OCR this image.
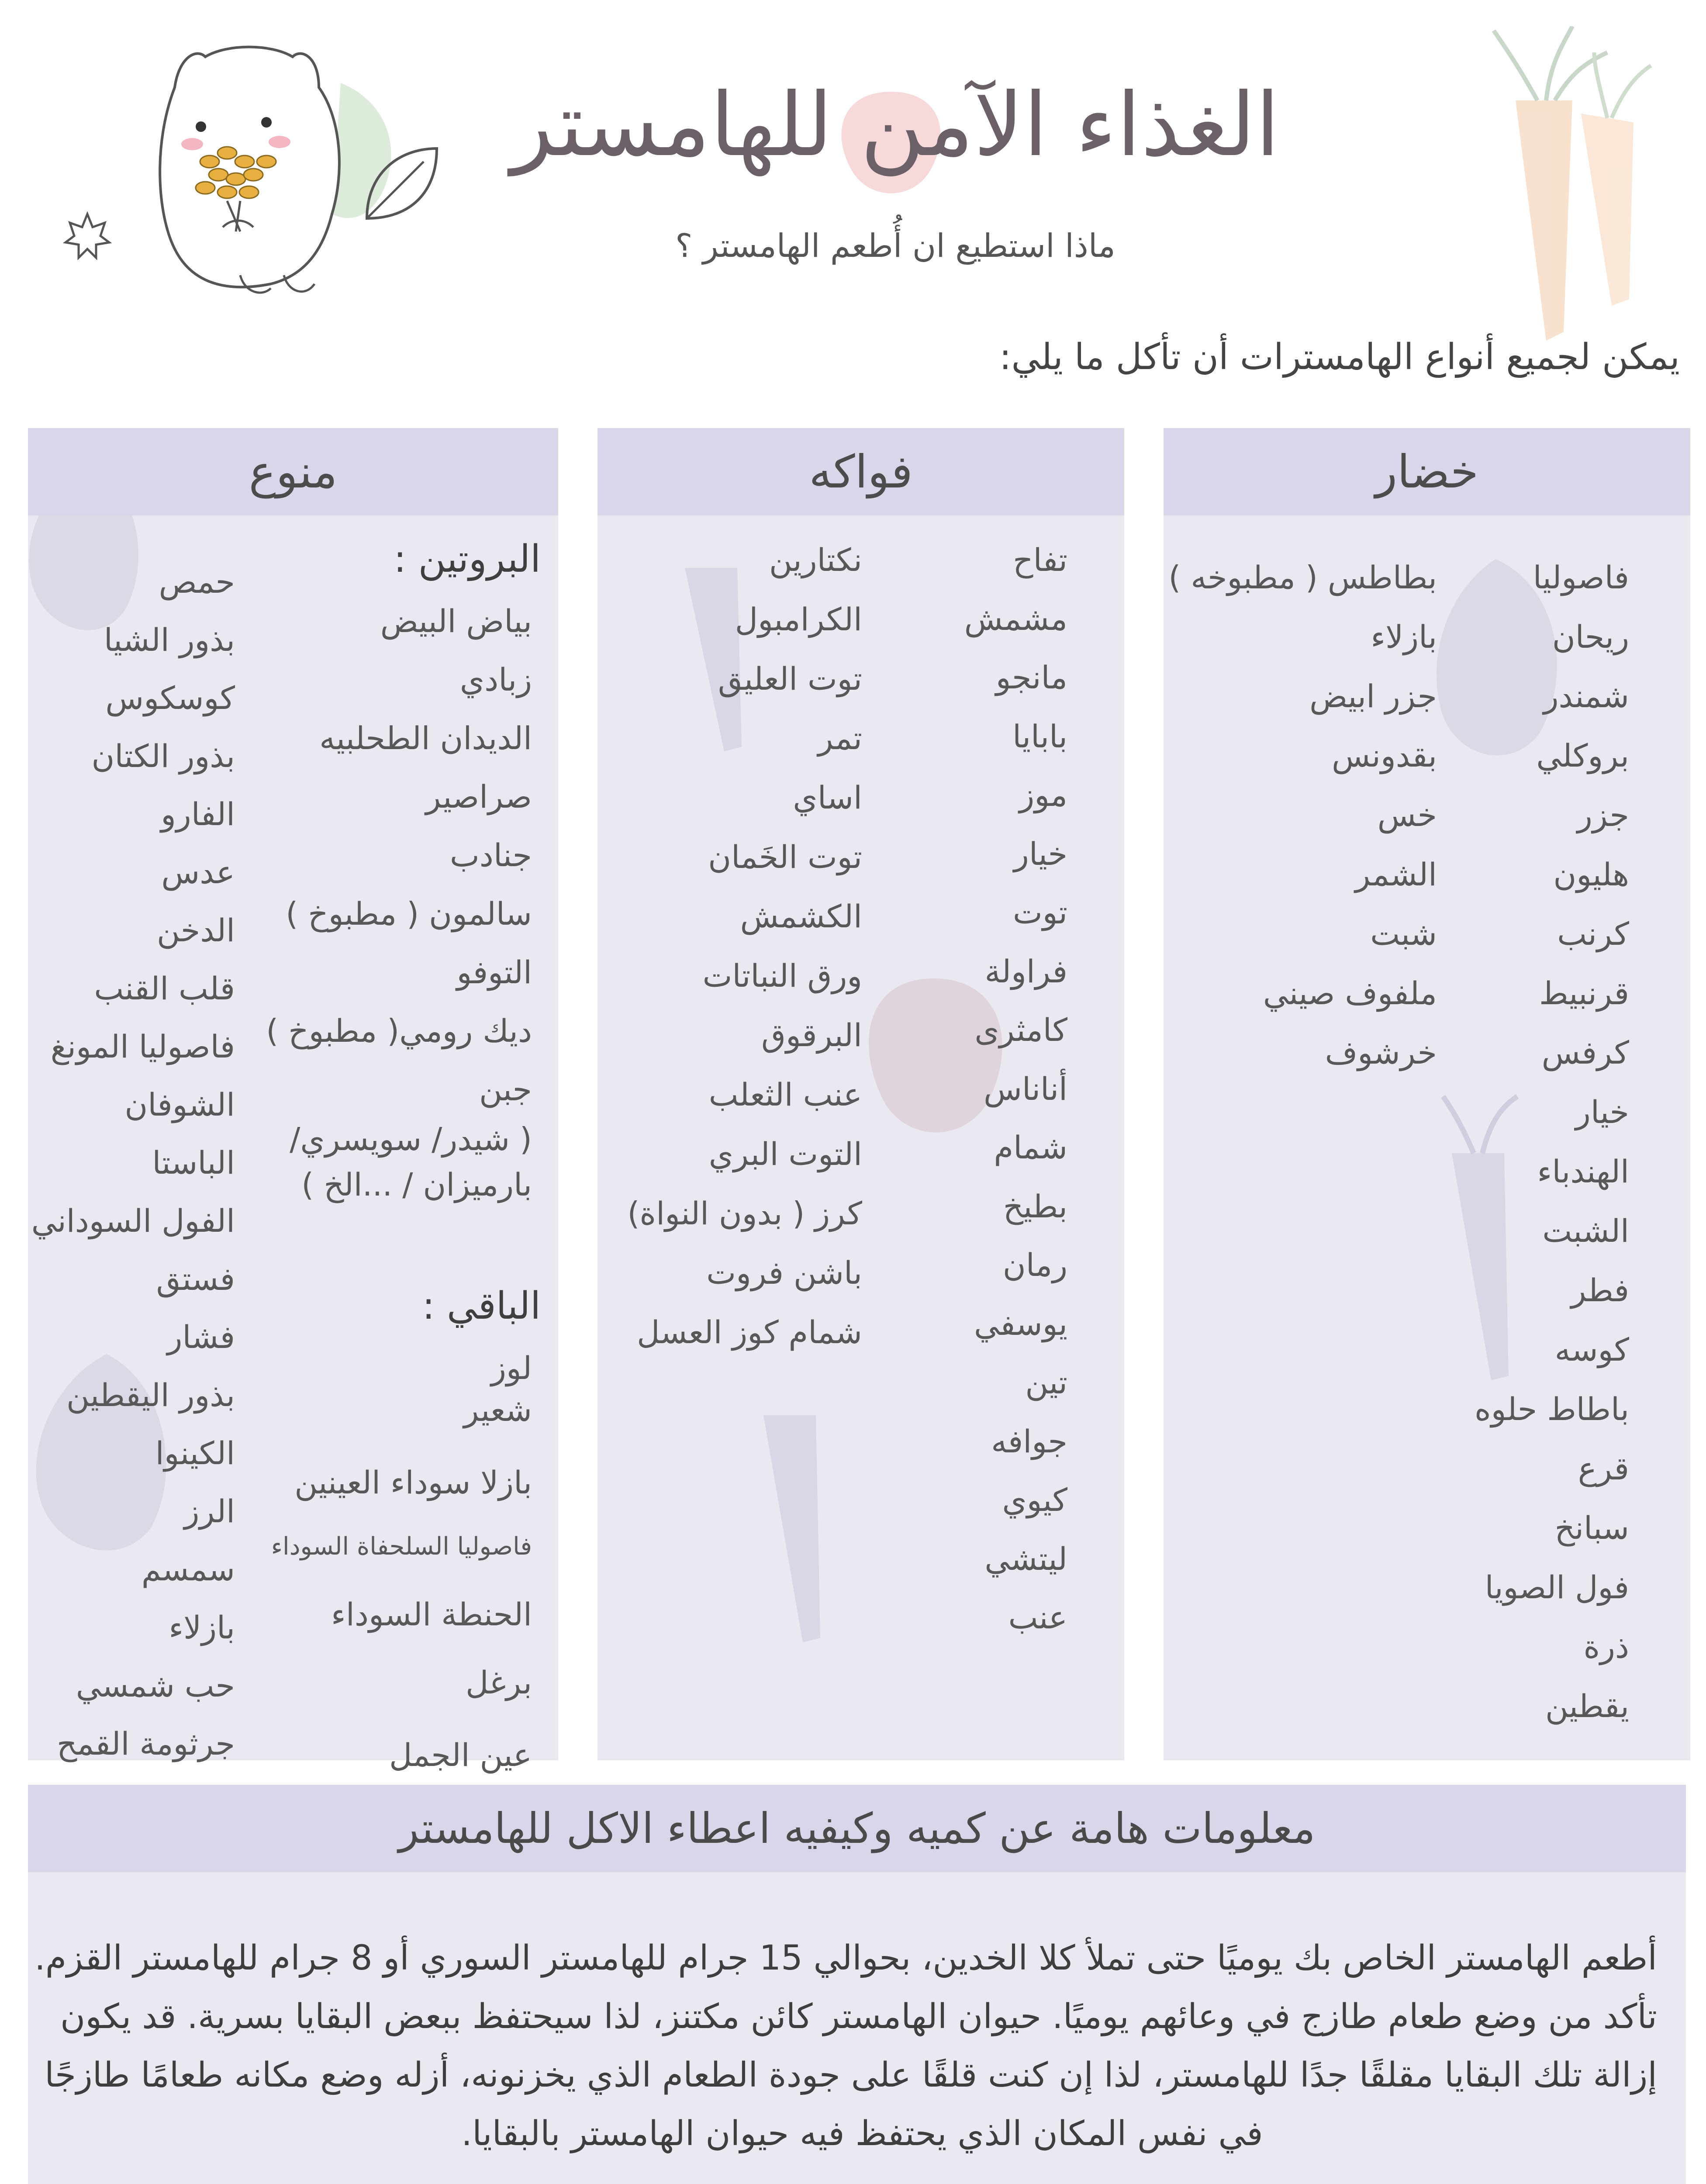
الغذاء الآمن للهامستر
ماذا استطيع ان أُطعم الهامستر ؟
يمكن لجميع أنواع الهامسترات أن تأكل ما يلي:
خضار
فاصوليا
ريحان
شمندر
بروكلي
جزر
هليون
كرنب
قرنبيط
كرفس
خيار
الهندباء
الشبت
فطر
كوسه
باطاط حلوه
قرع
سبانخ
فول الصويا
ذرة
يقطين
بطاطس ( مطبوخه )
بازلاء
جزر ابيض
بقدونس
خس
الشمر
شبت
ملفوف صيني
خرشوف
فواكه
تفاح
مشمش
مانجو
بابايا
موز
خيار
توت
فراولة
كامثرى
أناناس
شمام
بطيخ
رمان
يوسفي
تين
جوافه
كيوي
ليتشي
عنب
نكتارين
الكرامبول
توت العليق
تمر
اساي
توت الخَمان
الكشمش
ورق النباتات
البرقوق
عنب الثعلب
التوت البري
كرز ( بدون النواة)
باشن فروت
شمام كوز العسل
منوع
البروتين :
بياض البيض
زبادي
الديدان الطحلبيه
صراصير
جنادب
سالمون ( مطبوخ )
التوفو
ديك رومي( مطبوخ )
جبن
( شيدر/ سويسري/
بارميزان / ...الخ )
الباقي :
لوز
شعير
بازلا سوداء العينين
فاصوليا السلحفاة السوداء
الحنطة السوداء
برغل
عين الجمل
حمص
بذور الشيا
كوسكوس
بذور الكتان
الفارو
عدس
الدخن
قلب القنب
فاصوليا المونغ
الشوفان
الباستا
الفول السوداني
فستق
فشار
بذور اليقطين
الكينوا
الرز
سمسم
بازلاء
حب شمسي
جرثومة القمح
معلومات هامة عن كميه وكيفيه اعطاء الاكل للهامستر
أطعم الهامستر الخاص بك يوميًا حتى تملأ كلا الخدين، بحوالي 15 جرام للهامستر السوري أو 8 جرام للهامستر القزم.
تأكد من وضع طعام طازج في وعائهم يوميًا. حيوان الهامستر كائن مكتنز، لذا سيحتفظ ببعض البقايا بسرية. قد يكون
إزالة تلك البقايا مقلقًا جدًا للهامستر، لذا إن كنت قلقًا على جودة الطعام الذي يخزنونه، أزله وضع مكانه طعامًا طازجًا
في نفس المكان الذي يحتفظ فيه حيوان الهامستر بالبقايا.
